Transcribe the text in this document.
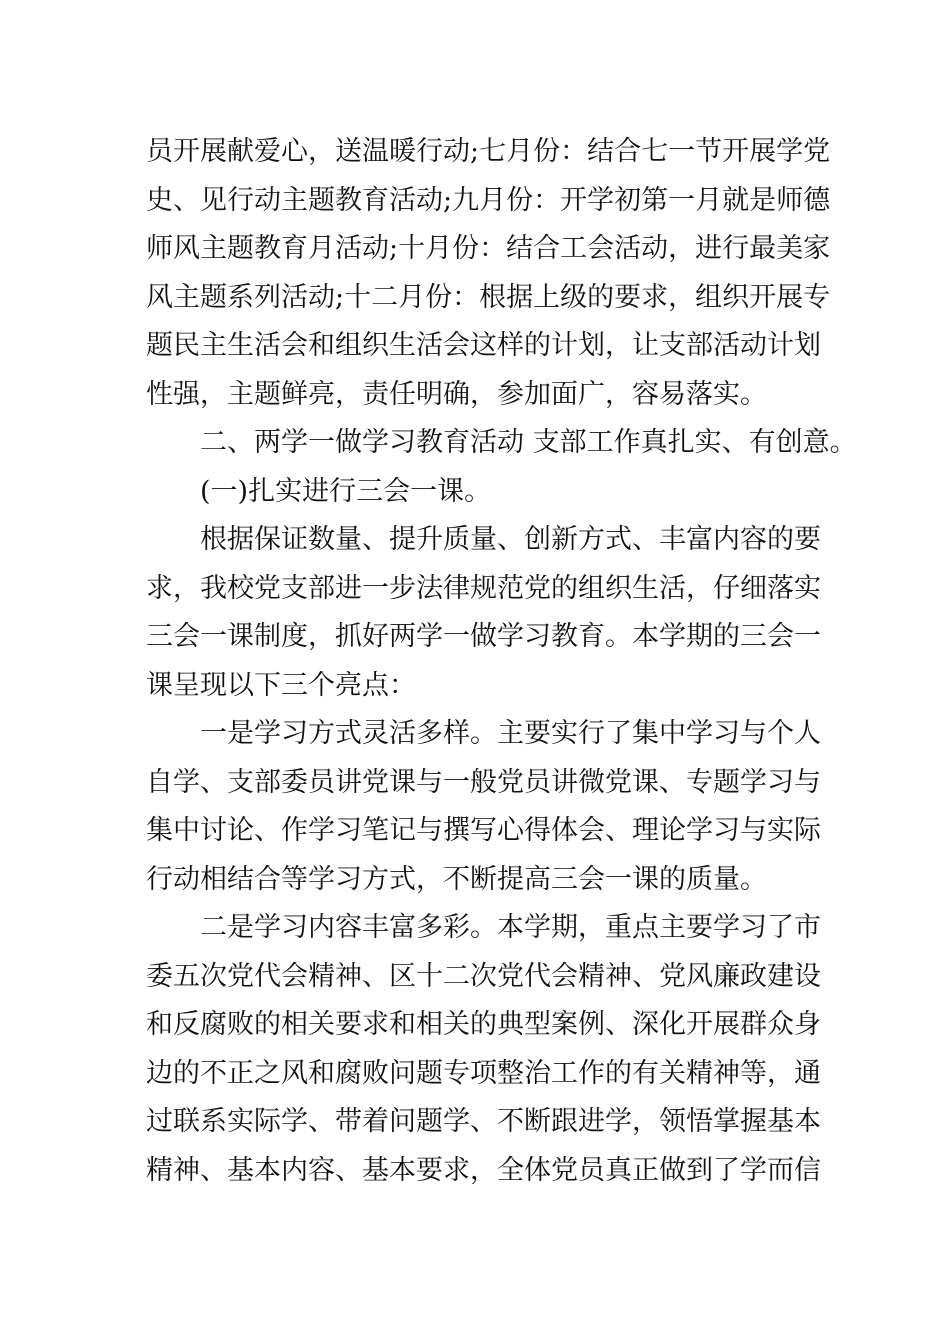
员开展献爱心，送温暖行动;七月份：结合七一节开展学党
史、见行动主题教育活动;九月份：开学初第一月就是师德
师风主题教育月活动;十月份：结合工会活动，进行最美家
风主题系列活动;十二月份：根据上级的要求，组织开展专
题民主生活会和组织生活会这样的计划，让支部活动计划
性强，主题鲜亮，责任明确，参加面广，容易落实。
二、两学一做学习教育活动 支部工作真扎实、有创意。
(一)扎实进行三会一课。
根据保证数量、提升质量、创新方式、丰富内容的要
求，我校党支部进一步法律规范党的组织生活，仔细落实
三会一课制度，抓好两学一做学习教育。本学期的三会一
课呈现以下三个亮点：
一是学习方式灵活多样。主要实行了集中学习与个人
自学、支部委员讲党课与一般党员讲微党课、专题学习与
集中讨论、作学习笔记与撰写心得体会、理论学习与实际
行动相结合等学习方式，不断提高三会一课的质量。
二是学习内容丰富多彩。本学期，重点主要学习了市
委五次党代会精神、区十二次党代会精神、党风廉政建设
和反腐败的相关要求和相关的典型案例、深化开展群众身
边的不正之风和腐败问题专项整治工作的有关精神等，通
过联系实际学、带着问题学、不断跟进学，领悟掌握基本
精神、基本内容、基本要求，全体党员真正做到了学而信
